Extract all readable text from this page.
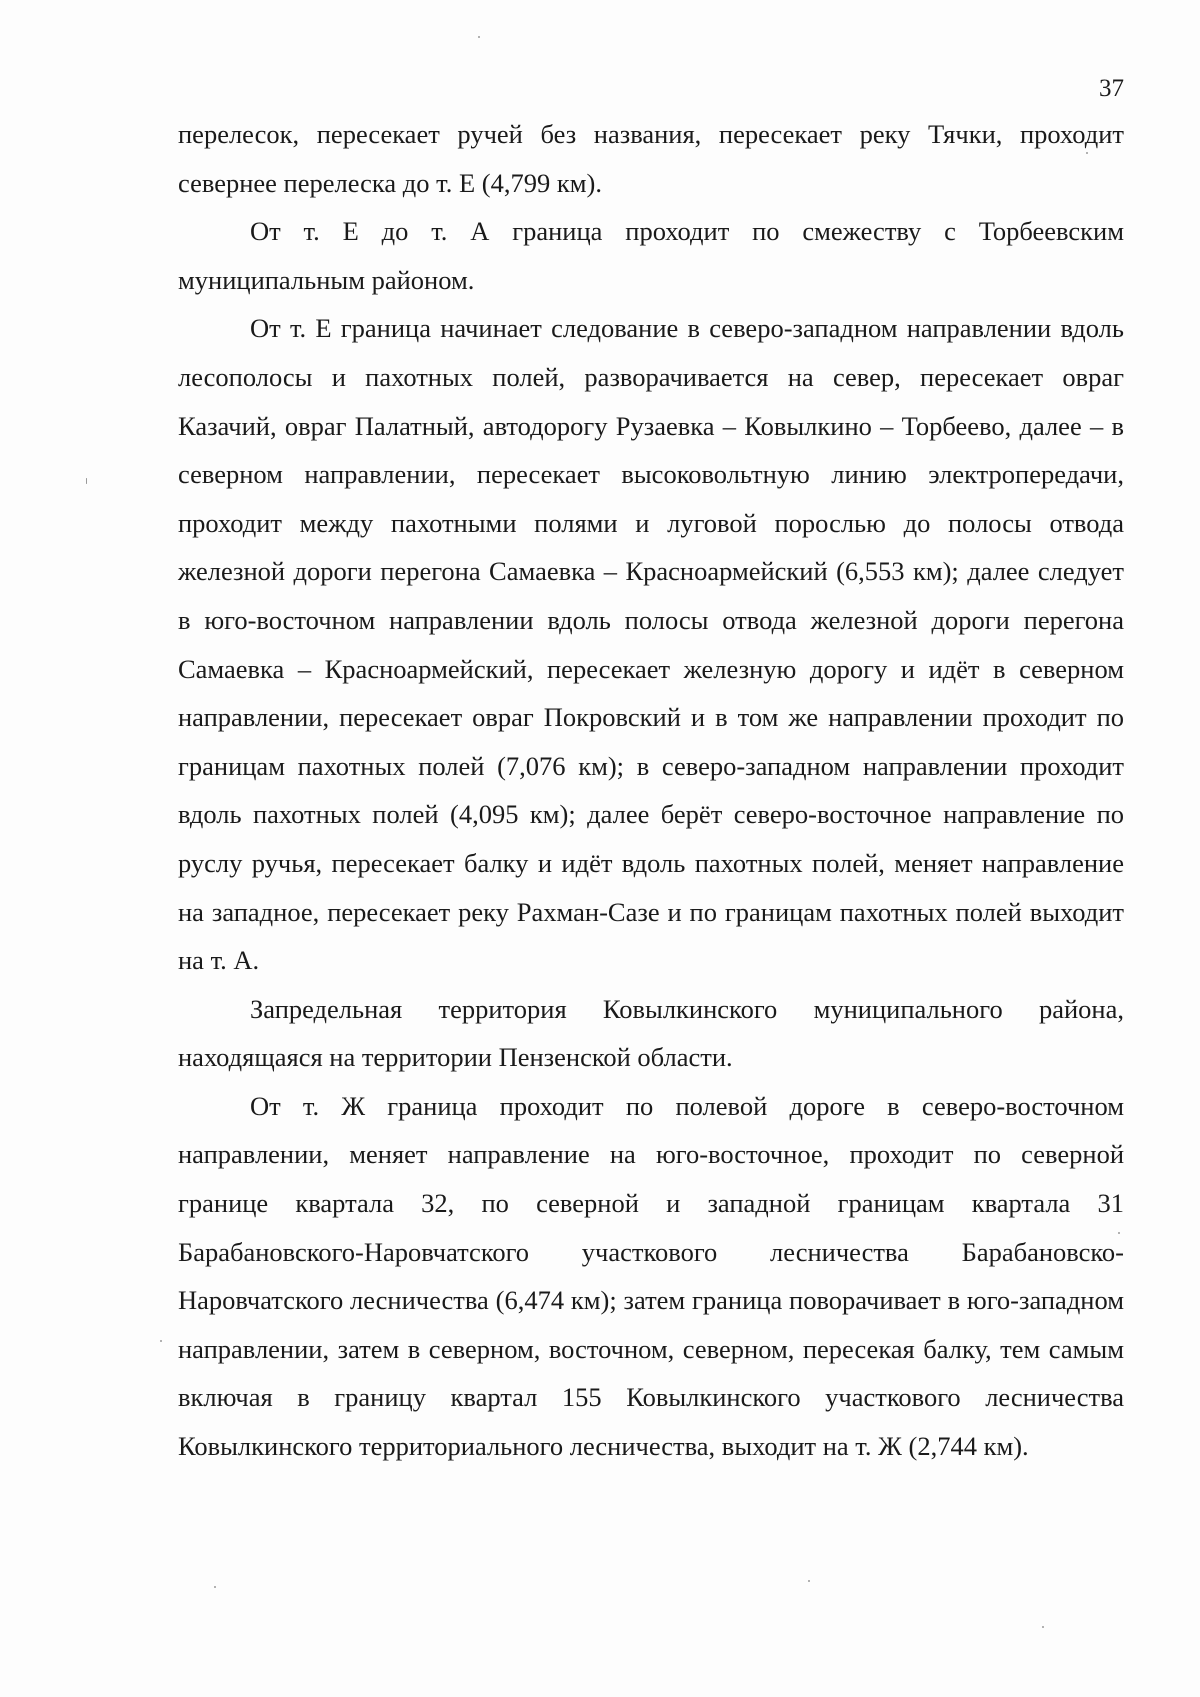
37

перелесок, пересекает ручей без названия, пересекает реку Тячки, проходит севернее перелеска до т. Е (4,799 км).

От т. Е до т. А граница проходит по смежеству с Торбеевским муниципальным районом.

От т. Е граница начинает следование в северо-западном направлении вдоль лесополосы и пахотных полей, разворачивается на север, пересекает овраг Казачий, овраг Палатный, автодорогу Рузаевка – Ковылкино – Торбеево, далее – в северном направлении, пересекает высоковольтную линию электропередачи, проходит между пахотными полями и луговой порослью до полосы отвода железной дороги перегона Самаевка – Красноармейский (6,553 км); далее следует в юго-восточном направлении вдоль полосы отвода железной дороги перегона Самаевка – Красноармейский, пересекает железную дорогу и идёт в северном направлении, пересекает овраг Покровский и в том же направлении проходит по границам пахотных полей (7,076 км); в северо-западном направлении проходит вдоль пахотных полей (4,095 км); далее берёт северо-восточное направление по руслу ручья, пересекает балку и идёт вдоль пахотных полей, меняет направление на западное, пересекает реку Рахман-Сазе и по границам пахотных полей выходит на т. А.

Запредельная территория Ковылкинского муниципального района, находящаяся на территории Пензенской области.

От т. Ж граница проходит по полевой дороге в северо-восточном направлении, меняет направление на юго-восточное, проходит по северной границе квартала 32, по северной и западной границам квартала 31 Барабановского-Наровчатского участкового лесничества Барабановско-Наровчатского лесничества (6,474 км); затем граница поворачивает в юго-западном направлении, затем в северном, восточном, северном, пересекая балку, тем самым включая в границу квартал 155 Ковылкинского участкового лесничества Ковылкинского территориального лесничества, выходит на т. Ж (2,744 км).
